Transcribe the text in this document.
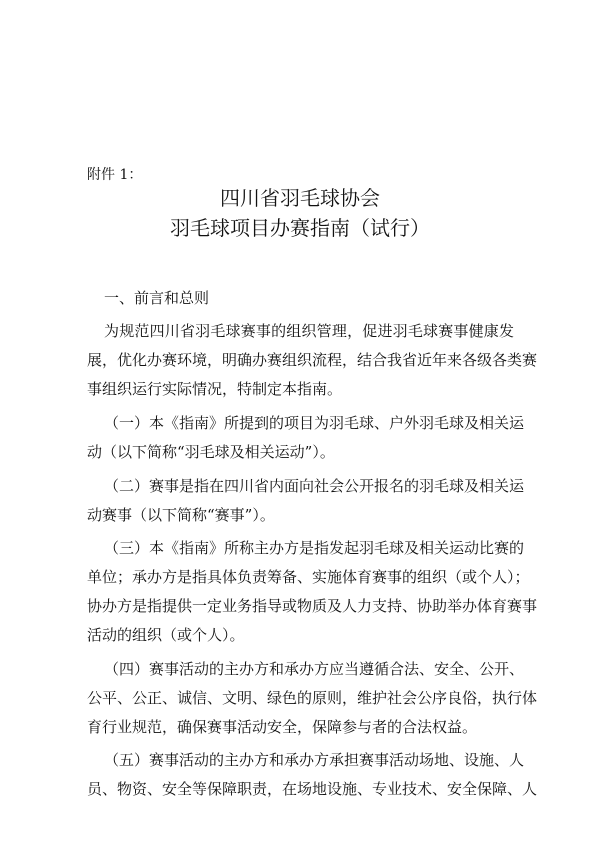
附件 1：
四川省羽毛球协会
羽毛球项目办赛指南（试行）
一、前言和总则
为规范四川省羽毛球赛事的组织管理，促进羽毛球赛事健康发
展，优化办赛环境，明确办赛组织流程，结合我省近年来各级各类赛
事组织运行实际情况，特制定本指南。
（一）本《指南》所提到的项目为羽毛球、户外羽毛球及相关运
动（以下简称“羽毛球及相关运动”）。
（二）赛事是指在四川省内面向社会公开报名的羽毛球及相关运
动赛事（以下简称“赛事”）。
（三）本《指南》所称主办方是指发起羽毛球及相关运动比赛的
单位；承办方是指具体负责筹备、实施体育赛事的组织（或个人）；
协办方是指提供一定业务指导或物质及人力支持、协助举办体育赛事
活动的组织（或个人）。
（四）赛事活动的主办方和承办方应当遵循合法、安全、公开、
公平、公正、诚信、文明、绿色的原则，维护社会公序良俗，执行体
育行业规范，确保赛事活动安全，保障参与者的合法权益。
（五）赛事活动的主办方和承办方承担赛事活动场地、设施、人
员、物资、安全等保障职责，在场地设施、专业技术、安全保障、人
